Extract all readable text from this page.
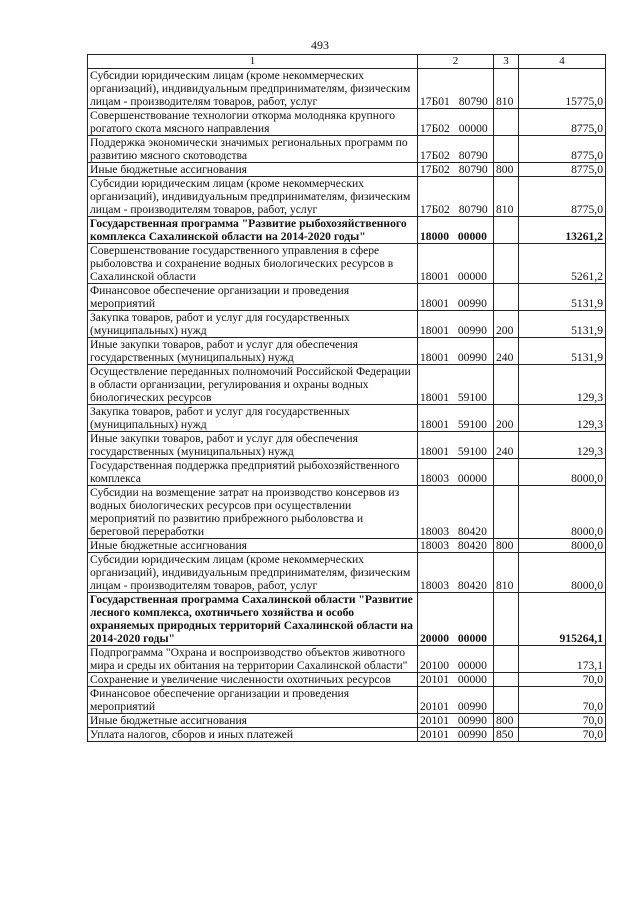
493
1	2	3	4
Субсидии юридическим лицам (кроме некоммерческих организаций), индивидуальным предпринимателям, физическим лицам - производителям товаров, работ, услуг	17Б01 80790	810	15775,0
Совершенствование технологии откорма молодняка крупного рогатого скота мясного направления	17Б02 00000		8775,0
Поддержка экономически значимых региональных программ по развитию мясного скотоводства	17Б02 80790		8775,0
Иные бюджетные ассигнования	17Б02 80790	800	8775,0
Субсидии юридическим лицам (кроме некоммерческих организаций), индивидуальным предпринимателям, физическим лицам - производителям товаров, работ, услуг	17Б02 80790	810	8775,0
Государственная программа "Развитие рыбохозяйственного комплекса Сахалинской области на 2014-2020 годы"	18000 00000		13261,2
Совершенствование государственного управления в сфере рыболовства и сохранение водных биологических ресурсов в Сахалинской области	18001 00000		5261,2
Финансовое обеспечение организации и проведения мероприятий	18001 00990		5131,9
Закупка товаров, работ и услуг для государственных (муниципальных) нужд	18001 00990	200	5131,9
Иные закупки товаров, работ и услуг для обеспечения государственных (муниципальных) нужд	18001 00990	240	5131,9
Осуществление переданных полномочий Российской Федерации в области организации, регулирования и охраны водных биологических ресурсов	18001 59100		129,3
Закупка товаров, работ и услуг для государственных (муниципальных) нужд	18001 59100	200	129,3
Иные закупки товаров, работ и услуг для обеспечения государственных (муниципальных) нужд	18001 59100	240	129,3
Государственная поддержка предприятий рыбохозяйственного комплекса	18003 00000		8000,0
Субсидии на возмещение затрат на производство консервов из водных биологических ресурсов при осуществлении мероприятий по развитию прибрежного рыболовства и береговой переработки	18003 80420		8000,0
Иные бюджетные ассигнования	18003 80420	800	8000,0
Субсидии юридическим лицам (кроме некоммерческих организаций), индивидуальным предпринимателям, физическим лицам - производителям товаров, работ, услуг	18003 80420	810	8000,0
Государственная программа Сахалинской области "Развитие лесного комплекса, охотничьего хозяйства и особо охраняемых природных территорий Сахалинской области на 2014-2020 годы"	20000 00000		915264,1
Подпрограмма "Охрана и воспроизводство объектов животного мира и среды их обитания на территории Сахалинской области"	20100 00000		173,1
Сохранение и увеличение численности охотничьих ресурсов	20101 00000		70,0
Финансовое обеспечение организации и проведения мероприятий	20101 00990		70,0
Иные бюджетные ассигнования	20101 00990	800	70,0
Уплата налогов, сборов и иных платежей	20101 00990	850	70,0
